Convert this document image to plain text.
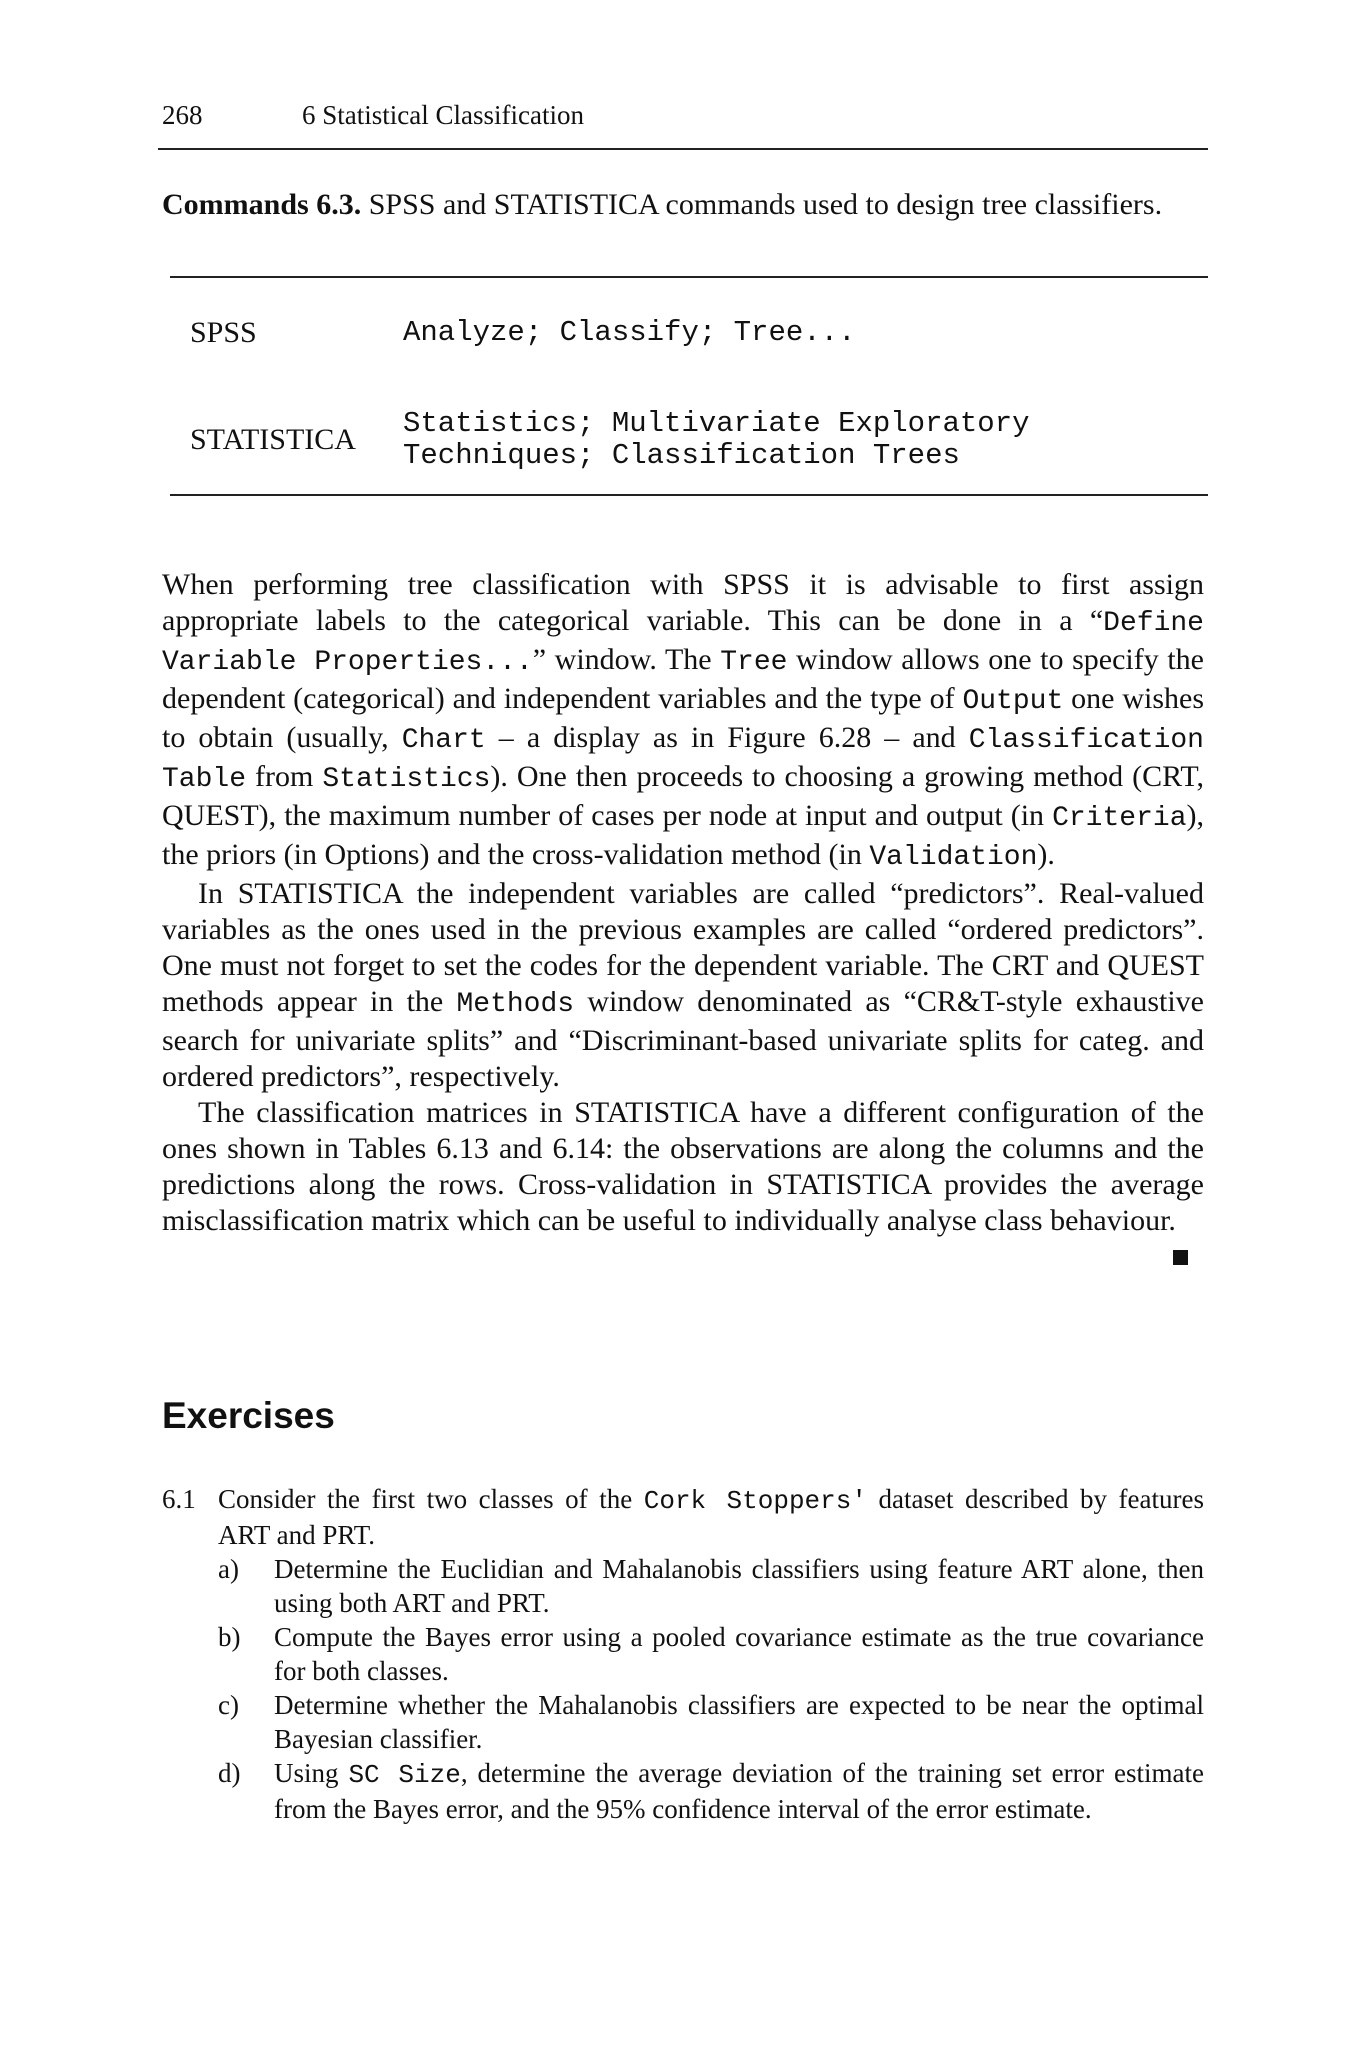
268	6 Statistical Classification
Commands 6.3. SPSS and STATISTICA commands used to design tree classifiers.
SPSS	Analyze; Classify; Tree...
STATISTICA Statistics; Multivariate Exploratory
Techniques; Classification Trees

When performing tree classification with SPSS it is advisable to first assign appropriate labels to the categorical variable. This can be done in a “Define Variable Properties...” window. The Tree window allows one to specify the dependent (categorical) and independent variables and the type of Output one wishes to obtain (usually, Chart – a display as in Figure 6.28 – and Classification Table from Statistics). One then proceeds to choosing a growing method (CRT, QUEST), the maximum number of cases per node at input and output (in Criteria), the priors (in Options) and the cross-validation method (in Validation).

In STATISTICA the independent variables are called “predictors”. Real-valued variables as the ones used in the previous examples are called “ordered predictors”. One must not forget to set the codes for the dependent variable. The CRT and QUEST methods appear in the Methods window denominated as “CR&T-style exhaustive search for univariate splits” and “Discriminant-based univariate splits for categ. and ordered predictors”, respectively.

The classification matrices in STATISTICA have a different configuration of the ones shown in Tables 6.13 and 6.14: the observations are along the columns and the predictions along the rows. Cross-validation in STATISTICA provides the average misclassification matrix which can be useful to individually analyse class behaviour.

Exercises
6.1 Consider the first two classes of the Cork Stoppers' dataset described by features ART and PRT.
a) Determine the Euclidian and Mahalanobis classifiers using feature ART alone, then using both ART and PRT.
b) Compute the Bayes error using a pooled covariance estimate as the true covariance for both classes.
c) Determine whether the Mahalanobis classifiers are expected to be near the optimal Bayesian classifier.
d) Using SC Size, determine the average deviation of the training set error estimate from the Bayes error, and the 95% confidence interval of the error estimate.
